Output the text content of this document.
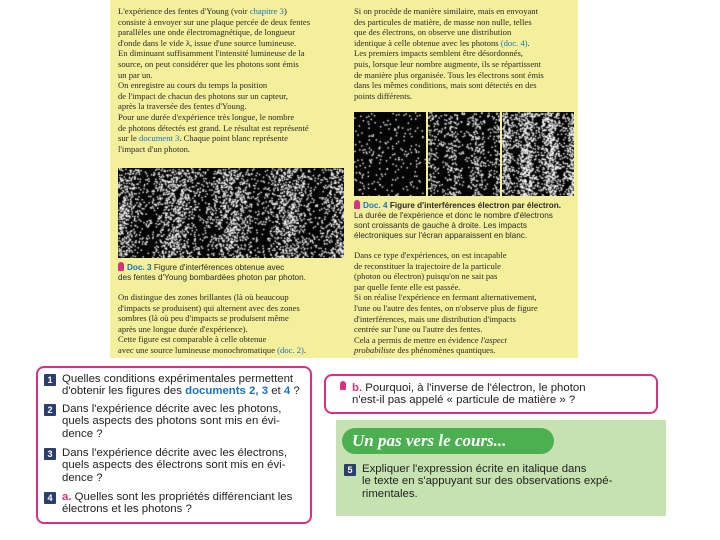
L'expérience des fentes d'Young (voir chapitre 3)
consiste à envoyer sur une plaque percée de deux fentes
parallèles une onde électromagnétique, de longueur
d'onde dans le vide λ, issue d'une source lumineuse.
En diminuant suffisamment l'intensité lumineuse de la
source, on peut considérer que les photons sont émis
un par un.
On enregistre au cours du temps la position
de l'impact de chacun des photons sur un capteur,
après la traversée des fentes d'Young.
Pour une durée d'expérience très longue, le nombre
de photons détectés est grand. Le résultat est représenté
sur le document 3. Chaque point blanc représente
l'impact d'un photon.

Doc. 3 Figure d'interférences obtenue avec
des fentes d'Young bombardées photon par photon.

On distingue des zones brillantes (là où beaucoup
d'impacts se produisent) qui alternent avec des zones
sombres (là où peu d'impacts se produisent même
après une longue durée d'expérience).
Cette figure est comparable à celle obtenue
avec une source lumineuse monochromatique (doc. 2).

Si on procède de manière similaire, mais en envoyant
des particules de matière, de masse non nulle, telles
que des électrons, on observe une distribution
identique à celle obtenue avec les photons (doc. 4).
Les premiers impacts semblent être désordonnés,
puis, lorsque leur nombre augmente, ils se répartissent
de manière plus organisée. Tous les électrons sont émis
dans les mêmes conditions, mais sont détectés en des
points différents.

Doc. 4 Figure d'interférences électron par électron.
La durée de l'expérience et donc le nombre d'électrons
sont croissants de gauche à droite. Les impacts
électroniques sur l'écran apparaissent en blanc.

Dans ce type d'expériences, on est incapable
de reconstituer la trajectoire de la particule
(photon ou électron) puisqu'on ne sait pas
par quelle fente elle est passée.
Si on réalise l'expérience en fermant alternativement,
l'une ou l'autre des fentes, on n'observe plus de figure
d'interférences, mais une distribution d'impacts
centrée sur l'une ou l'autre des fentes.
Cela a permis de mettre en évidence l'aspect
probabiliste des phénomènes quantiques.

1 Quelles conditions expérimentales permettent
d'obtenir les figures des documents 2, 3 et 4 ?
2 Dans l'expérience décrite avec les photons,
quels aspects des photons sont mis en évi-
dence ?
3 Dans l'expérience décrite avec les électrons,
quels aspects des électrons sont mis en évi-
dence ?
4 a. Quelles sont les propriétés différenciant les
électrons et les photons ?
b. Pourquoi, à l'inverse de l'électron, le photon
n'est-il pas appelé « particule de matière » ?
Un pas vers le cours...
5 Expliquer l'expression écrite en italique dans
le texte en s'appuyant sur des observations expé-
rimentales.
